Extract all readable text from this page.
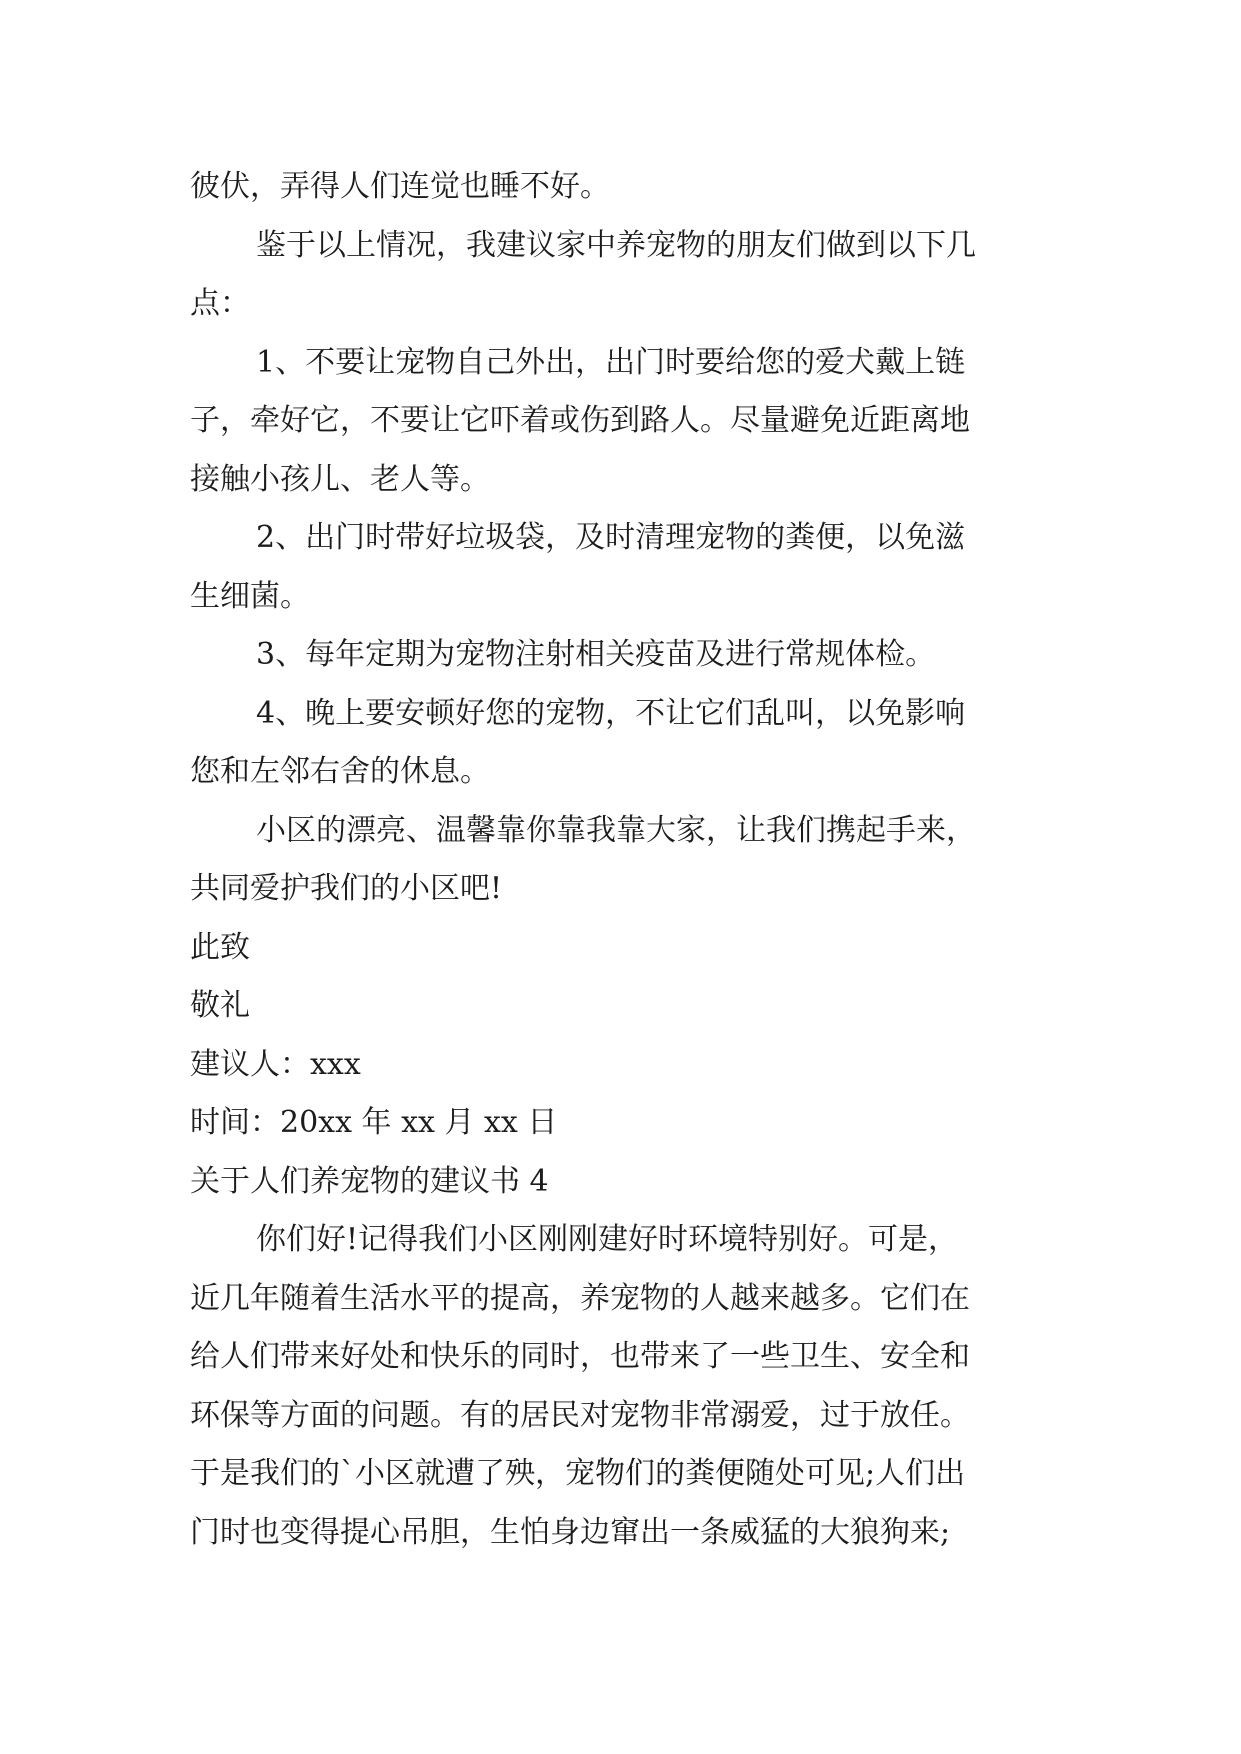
彼伏，弄得人们连觉也睡不好。
鉴于以上情况，我建议家中养宠物的朋友们做到以下几
点：
1、不要让宠物自己外出，出门时要给您的爱犬戴上链
子，牵好它，不要让它吓着或伤到路人。尽量避免近距离地
接触小孩儿、老人等。
2、出门时带好垃圾袋，及时清理宠物的粪便，以免滋
生细菌。
3、每年定期为宠物注射相关疫苗及进行常规体检。
4、晚上要安顿好您的宠物，不让它们乱叫，以免影响
您和左邻右舍的休息。
小区的漂亮、温馨靠你靠我靠大家，让我们携起手来，
共同爱护我们的小区吧!
此致
敬礼
建议人：xxx
时间：20xx 年 xx 月 xx 日
关于人们养宠物的建议书 4
你们好!记得我们小区刚刚建好时环境特别好。可是，
近几年随着生活水平的提高，养宠物的人越来越多。它们在
给人们带来好处和快乐的同时，也带来了一些卫生、安全和
环保等方面的问题。有的居民对宠物非常溺爱，过于放任。
于是我们的`小区就遭了殃，宠物们的粪便随处可见;人们出
门时也变得提心吊胆，生怕身边窜出一条威猛的大狼狗来;
